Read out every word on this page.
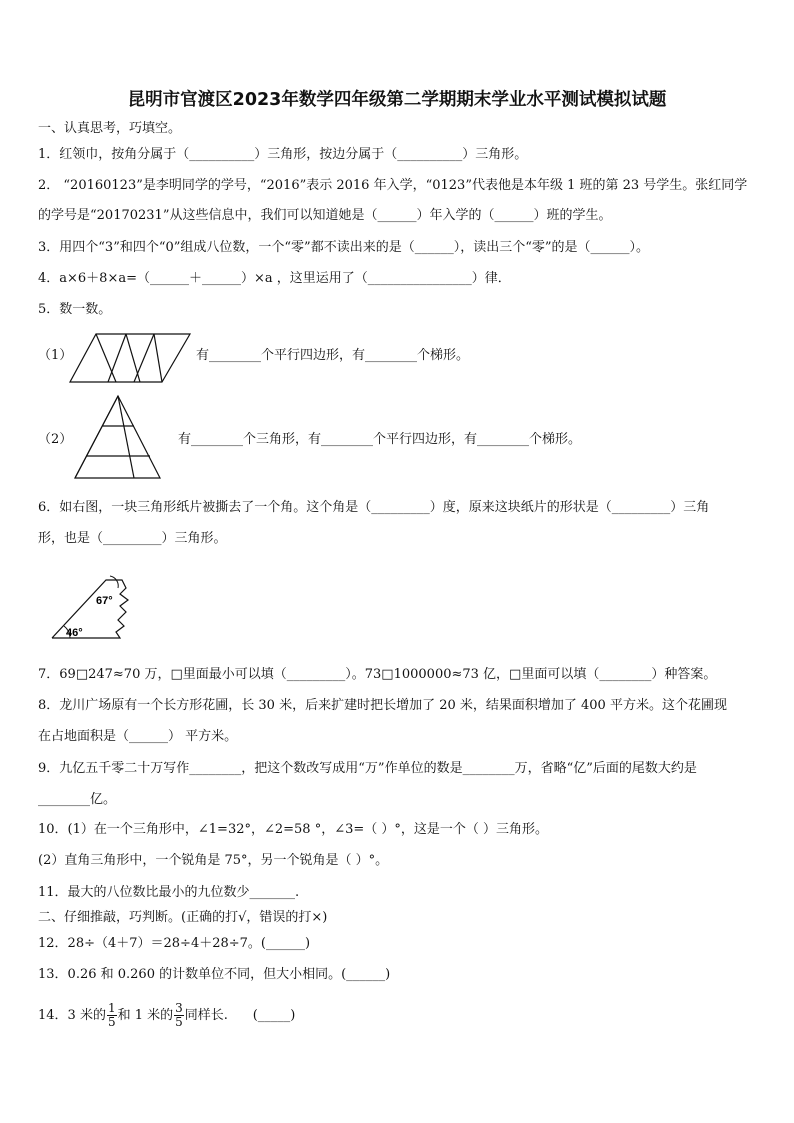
昆明市官渡区2023年数学四年级第二学期期末学业水平测试模拟试题
一、认真思考，巧填空。
1．红领巾，按角分属于（__________）三角形，按边分属于（__________）三角形。
2． “20160123”是李明同学的学号，“2016”表示 2016 年入学，“0123”代表他是本年级 1 班的第 23 号学生。张红同学
的学号是“20170231”从这些信息中，我们可以知道她是（______）年入学的（______）班的学生。
3．用四个“3”和四个“0”组成八位数，一个“零”都不读出来的是（______），读出三个“零”的是（______）。
4．a×6＋8×a=（______＋______）×a ，这里运用了（________________）律．
5．数一数。
（1）	有________个平行四边形，有________个梯形。
（2）	有________个三角形，有________个平行四边形，有________个梯形。
6．如右图，一块三角形纸片被撕去了一个角。这个角是（_________）度，原来这块纸片的形状是（_________）三角
形，也是（_________）三角形。
67°
46°
7．69□247≈70 万，□里面最小可以填（_________）。73□1000000≈73 亿，□里面可以填（________）种答案。
8．龙川广场原有一个长方形花圃，长 30 米，后来扩建时把长增加了 20 米，结果面积增加了 400 平方米。这个花圃现
在占地面积是（______） 平方米。
9．九亿五千零二十万写作________，把这个数改写成用“万”作单位的数是________万，省略“亿”后面的尾数大约是
________亿。
10．(1）在一个三角形中，∠1=32°，∠2=58 °，∠3=（ ）°，这是一个（ ）三角形。
(2）直角三角形中，一个锐角是 75°，另一个锐角是（ ）°。
11．最大的八位数比最小的九位数少_______.
二、仔细推敲，巧判断。(正确的打√，错误的打×)
12．28÷（4＋7）＝28÷4＋28÷7。(______)
13．0.26 和 0.260 的计数单位不同，但大小相同。(______)
14．3 米的 $\frac{1}{5}$ 和 1 米的 $\frac{3}{5}$ 同样长.      (_____)
